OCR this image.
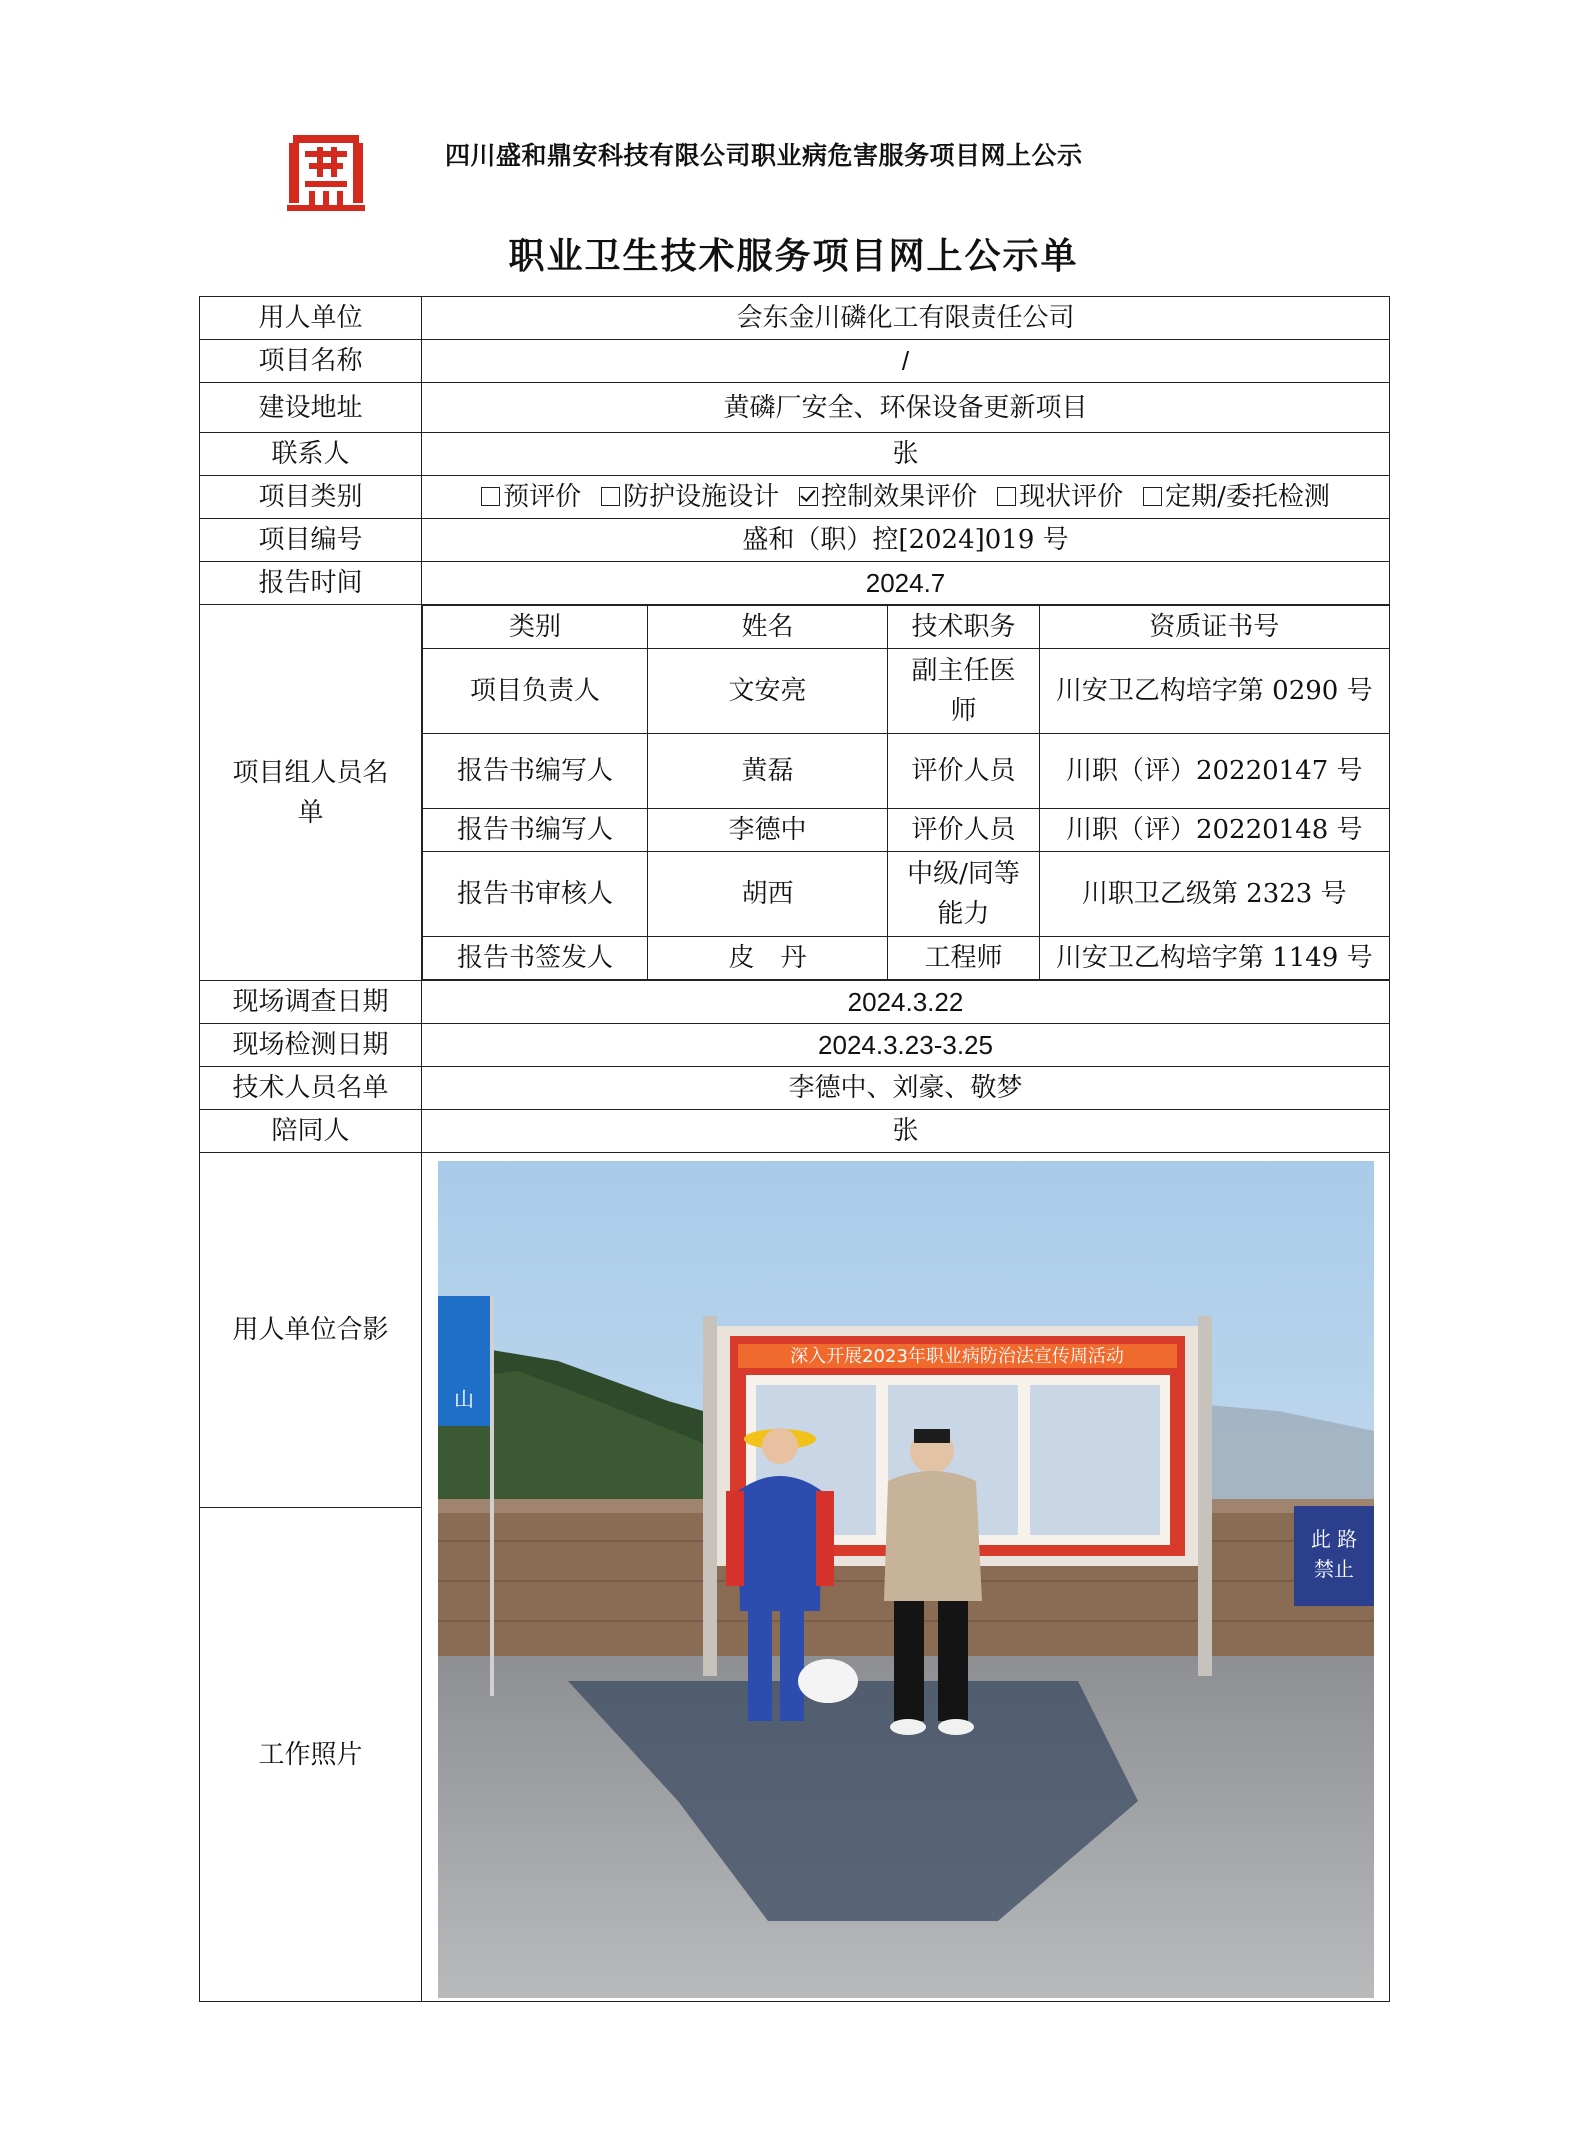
四川盛和鼎安科技有限公司职业病危害服务项目网上公示
职业卫生技术服务项目网上公示单
用人单位	会东金川磷化工有限责任公司
项目名称	/
建设地址	黄磷厂安全、环保设备更新项目
联系人	张
项目类别	预评价 防护设施设计 控制效果评价 现状评价 定期/委托检测
项目编号	盛和（职）控[2024]019 号
报告时间	2024.7
项目组人员名单	
类别	姓名	技术职务	资质证书号
项目负责人	文安亮	副主任医师	川安卫乙构培字第 0290 号
报告书编写人	黄磊	评价人员	川职（评）20220147 号
报告书编写人	李德中	评价人员	川职（评）20220148 号
报告书审核人	胡西	中级/同等能力	川职卫乙级第 2323 号
报告书签发人	皮　丹	工程师	川安卫乙构培字第 1149 号

现场调查日期	2024.3.22
现场检测日期	2024.3.23-3.25
技术人员名单	李德中、刘豪、敬梦
陪同人	张
用人单位合影	
深入开展2023年职业病防治法宣传周活动
此 路
禁止
山

工作照片
